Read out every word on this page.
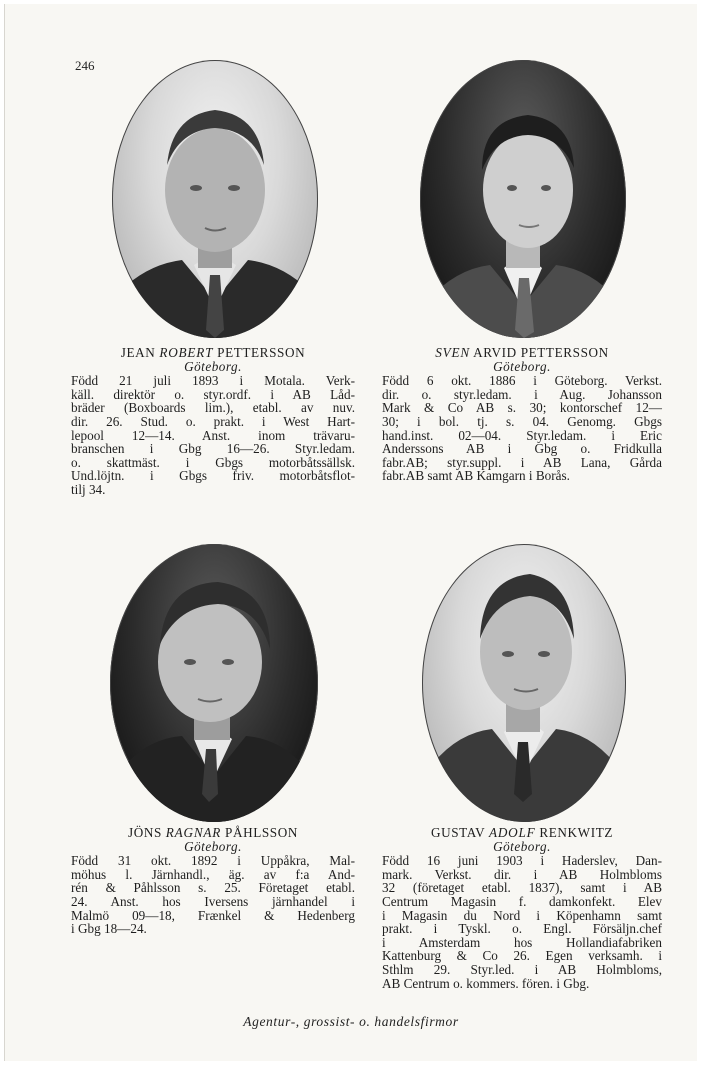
246
JEAN ROBERT PETTERSSON
Göteborg.
Född 21 juli 1893 i Motala. Verk-
käll. direktör o. styr.ordf. i AB Låd-
bräder (Boxboards lim.), etabl. av nuv.
dir. 26. Stud. o. prakt. i West Hart-
lepool 12—14. Anst. inom trävaru-
branschen i Gbg 16—26. Styr.ledam.
o. skattmäst. i Gbgs motorbåtssällsk.
Und.löjtn. i Gbgs friv. motorbåtsflot-
tilj 34.
SVEN ARVID PETTERSSON
Göteborg.
Född 6 okt. 1886 i Göteborg. Verkst.
dir. o. styr.ledam. i Aug. Johansson
Mark & Co AB s. 30; kontorschef 12—
30; i bol. tj. s. 04. Genomg. Gbgs
hand.inst. 02—04. Styr.ledam. i Eric
Anderssons AB i Gbg o. Fridkulla
fabr.AB; styr.suppl. i AB Lana, Gårda
fabr.AB samt AB Kamgarn i Borås.
JÖNS RAGNAR PÅHLSSON
Göteborg.
Född 31 okt. 1892 i Uppåkra, Mal-
möhus l. Järnhandl., äg. av f:a And-
rén & Påhlsson s. 25. Företaget etabl.
24. Anst. hos Iversens järnhandel i
Malmö 09—18, Frænkel & Hedenberg
i Gbg 18—24.
GUSTAV ADOLF RENKWITZ
Göteborg.
Född 16 juni 1903 i Haderslev, Dan-
mark. Verkst. dir. i AB Holmbloms
32 (företaget etabl. 1837), samt i AB
Centrum Magasin f. damkonfekt. Elev
i Magasin du Nord i Köpenhamn samt
prakt. i Tyskl. o. Engl. Försäljn.chef
i Amsterdam hos Hollandiafabriken
Kattenburg & Co 26. Egen verksamh. i
Sthlm 29. Styr.led. i AB Holmbloms,
AB Centrum o. kommers. fören. i Gbg.
Agentur-, grossist- o. handelsfirmor
